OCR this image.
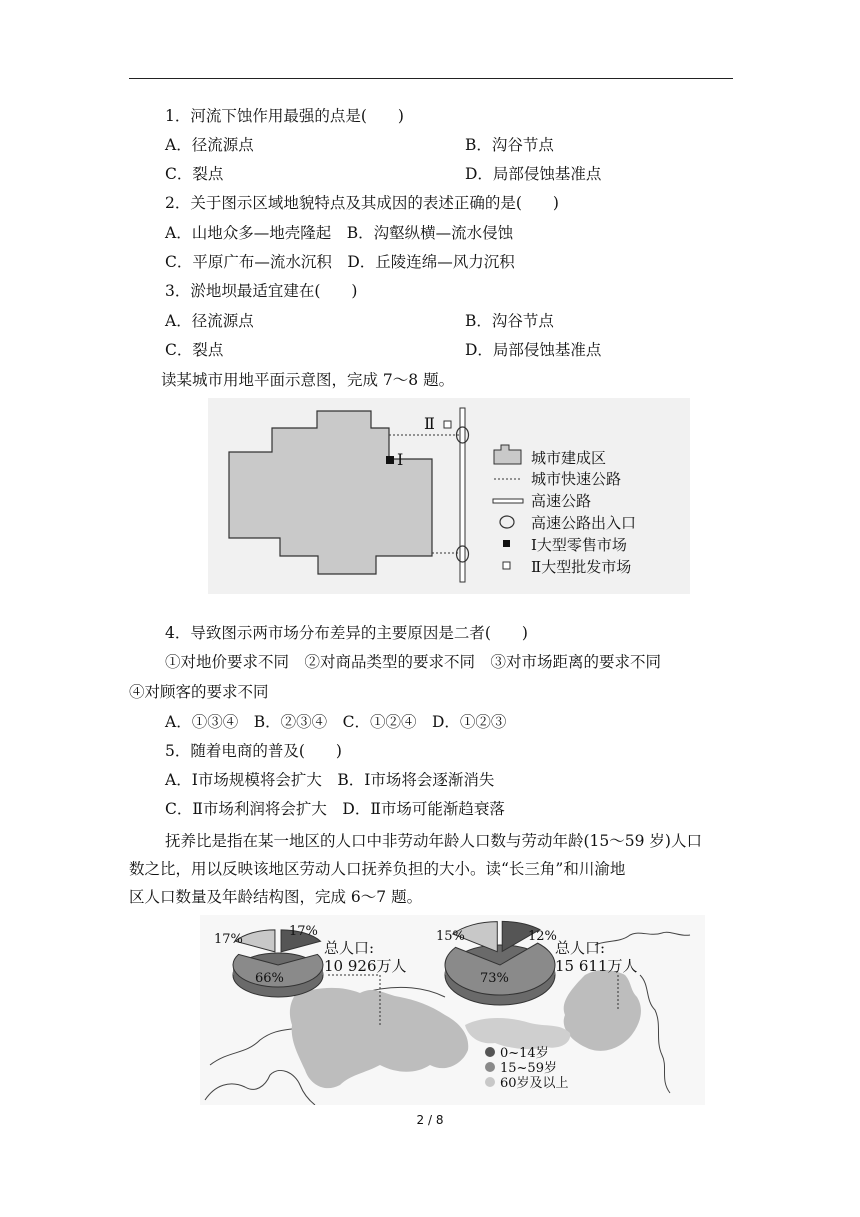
1．河流下蚀作用最强的点是(　　)
A．径流源点	B．沟谷节点
C．裂点	D．局部侵蚀基准点
2．关于图示区域地貌特点及其成因的表述正确的是(　　)
A．山地众多—地壳隆起　B．沟壑纵横—流水侵蚀
C．平原广布—流水沉积　D．丘陵连绵—风力沉积
3．淤地坝最适宜建在(　　)
A．径流源点	B．沟谷节点
C．裂点	D．局部侵蚀基准点
读某城市用地平面示意图，完成 7～8 题。
Ⅰ
Ⅱ
城市建成区
城市快速公路
高速公路
高速公路出入口
Ⅰ大型零售市场
Ⅱ大型批发市场
4．导致图示两市场分布差异的主要原因是二者(　　)
①对地价要求不同　②对商品类型的要求不同　③对市场距离的要求不同
④对顾客的要求不同
A．①③④　B．②③④　C．①②④　D．①②③
5．随着电商的普及(　　)
A．Ⅰ市场规模将会扩大　B．Ⅰ市场将会逐渐消失
C．Ⅱ市场利润将会扩大　D．Ⅱ市场可能渐趋衰落
抚养比是指在某一地区的人口中非劳动年龄人口数与劳动年龄(15～59 岁)人口
数之比，用以反映该地区劳动人口抚养负担的大小。读“长三角”和川渝地
区人口数量及年龄结构图，完成 6～7 题。
17%
17%
66%
总人口:
10 926万人
15%	12%
73%
总人口:
15 611万人
0~14岁
15~59岁
60岁及以上
2 / 8
